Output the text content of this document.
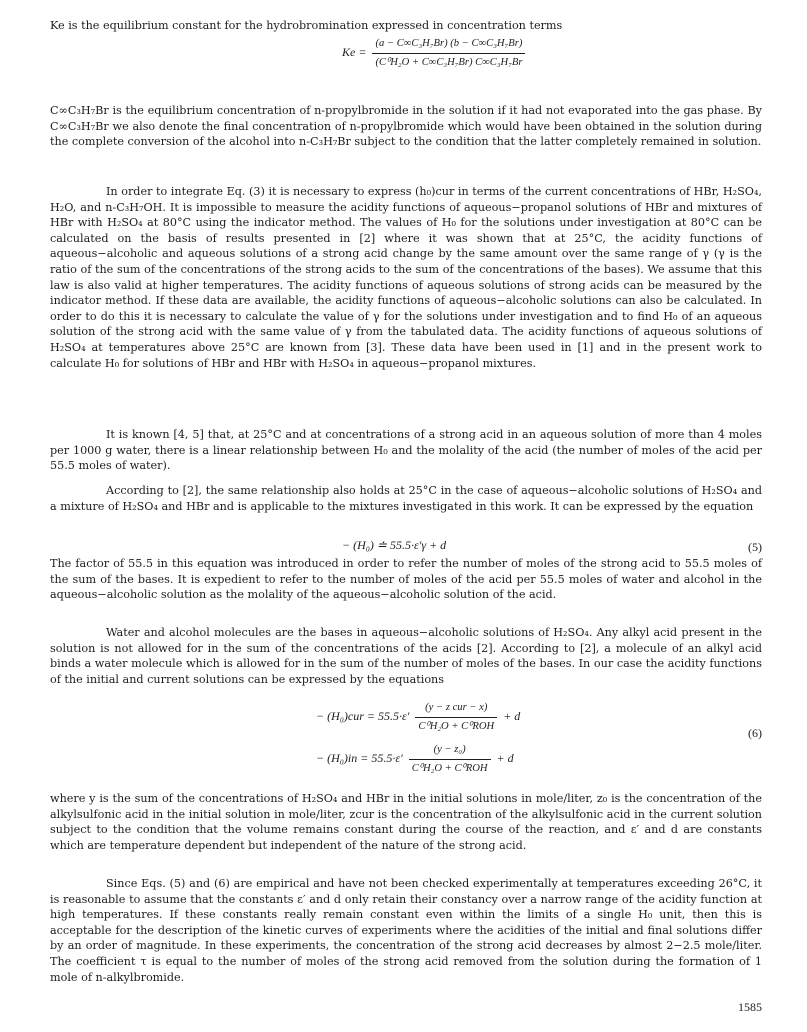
Ke is the equilibrium constant for the hydrobromination expressed in concentration terms

$Ke = \frac{\text{(a − C∞C₃H₇Br) (b − C∞C₃H₇Br)}}{\text{(C⁰H₂O + C∞C₃H₇Br) C∞C₃H₇Br}}$

C∞C₃H₇Br is the equilibrium concentration of n-propylbromide in the solution if it had not evaporated into the gas phase. By C∞C₃H₇Br we also denote the final concentration of n-propylbromide which would have been obtained in the solution during the complete conversion of the alcohol into n-C₃H₇Br subject to the condition that the latter completely remained in solution.

In order to integrate Eq. (3) it is necessary to express (h₀)cur in terms of the current concentrations of HBr, H₂SO₄, H₂O, and n-C₃H₇OH. It is impossible to measure the acidity functions of aqueous−propanol solutions of HBr and mixtures of HBr with H₂SO₄ at 80°C using the indicator method. The values of H₀ for the solutions under investigation at 80°C can be calculated on the basis of results presented in [2] where it was shown that at 25°C, the acidity functions of aqueous−alcoholic and aqueous solutions of a strong acid change by the same amount over the same range of γ (γ is the ratio of the sum of the concentrations of the strong acids to the sum of the concentrations of the bases). We assume that this law is also valid at higher temperatures. The acidity functions of aqueous solutions of strong acids can be measured by the indicator method. If these data are available, the acidity functions of aqueous−alcoholic solutions can also be calculated. In order to do this it is necessary to calculate the value of γ for the solutions under investigation and to find H₀ of an aqueous solution of the strong acid with the same value of γ from the tabulated data. The acidity functions of aqueous solutions of H₂SO₄ at temperatures above 25°C are known from [3]. These data have been used in [1] and in the present work to calculate H₀ for solutions of HBr and HBr with H₂SO₄ in aqueous−propanol mixtures.

It is known [4, 5] that, at 25°C and at concentrations of a strong acid in an aqueous solution of more than 4 moles per 1000 g water, there is a linear relationship between H₀ and the molality of the acid (the number of moles of the acid per 55.5 moles of water).

According to [2], the same relationship also holds at 25°C in the case of aqueous−alcoholic solutions of H₂SO₄ and a mixture of H₂SO₄ and HBr and is applicable to the mixtures investigated in this work. It can be expressed by the equation

− (H₀) ≐ 55.5·ε′γ + d	(5)

The factor of 55.5 in this equation was introduced in order to refer the number of moles of the strong acid to 55.5 moles of the sum of the bases. It is expedient to refer to the number of moles of the acid per 55.5 moles of water and alcohol in the aqueous−alcoholic solution as the molality of the aqueous−alcoholic solution of the acid.

Water and alcohol molecules are the bases in aqueous−alcoholic solutions of H₂SO₄. Any alkyl acid present in the solution is not allowed for in the sum of the concentrations of the acids [2]. According to [2], a molecule of an alkyl acid binds a water molecule which is allowed for in the sum of the number of moles of the bases. In our case the acidity functions of the initial and current solutions can be expressed by the equations

− $(H_0)cur = 55.5\cdot\varepsilon' \frac{\text{(y − z cur − x)}}{\text{C⁰H₂O + C⁰ROH}} + d$
(6)
− $(H_0)in = 55.5\cdot\varepsilon' \frac{\text{(y − z₀)}}{\text{C⁰H₂O + C⁰ROH}} + d$

where y is the sum of the concentrations of H₂SO₄ and HBr in the initial solutions in mole/liter, z₀ is the concentration of the alkylsulfonic acid in the initial solution in mole/liter, zcur is the concentration of the alkylsulfonic acid in the current solution subject to the condition that the volume remains constant during the course of the reaction, and ε′ and d are constants which are temperature dependent but independent of the nature of the strong acid.

Since Eqs. (5) and (6) are empirical and have not been checked experimentally at temperatures exceeding 26°C, it is reasonable to assume that the constants ε′ and d only retain their constancy over a narrow range of the acidity function at high temperatures. If these constants really remain constant even within the limits of a single H₀ unit, then this is acceptable for the description of the kinetic curves of experiments where the acidities of the initial and final solutions differ by an order of magnitude. In these experiments, the concentration of the strong acid decreases by almost 2−2.5 mole/liter. The coefficient τ is equal to the number of moles of the strong acid removed from the solution during the formation of 1 mole of n-alkylbromide.

1585
